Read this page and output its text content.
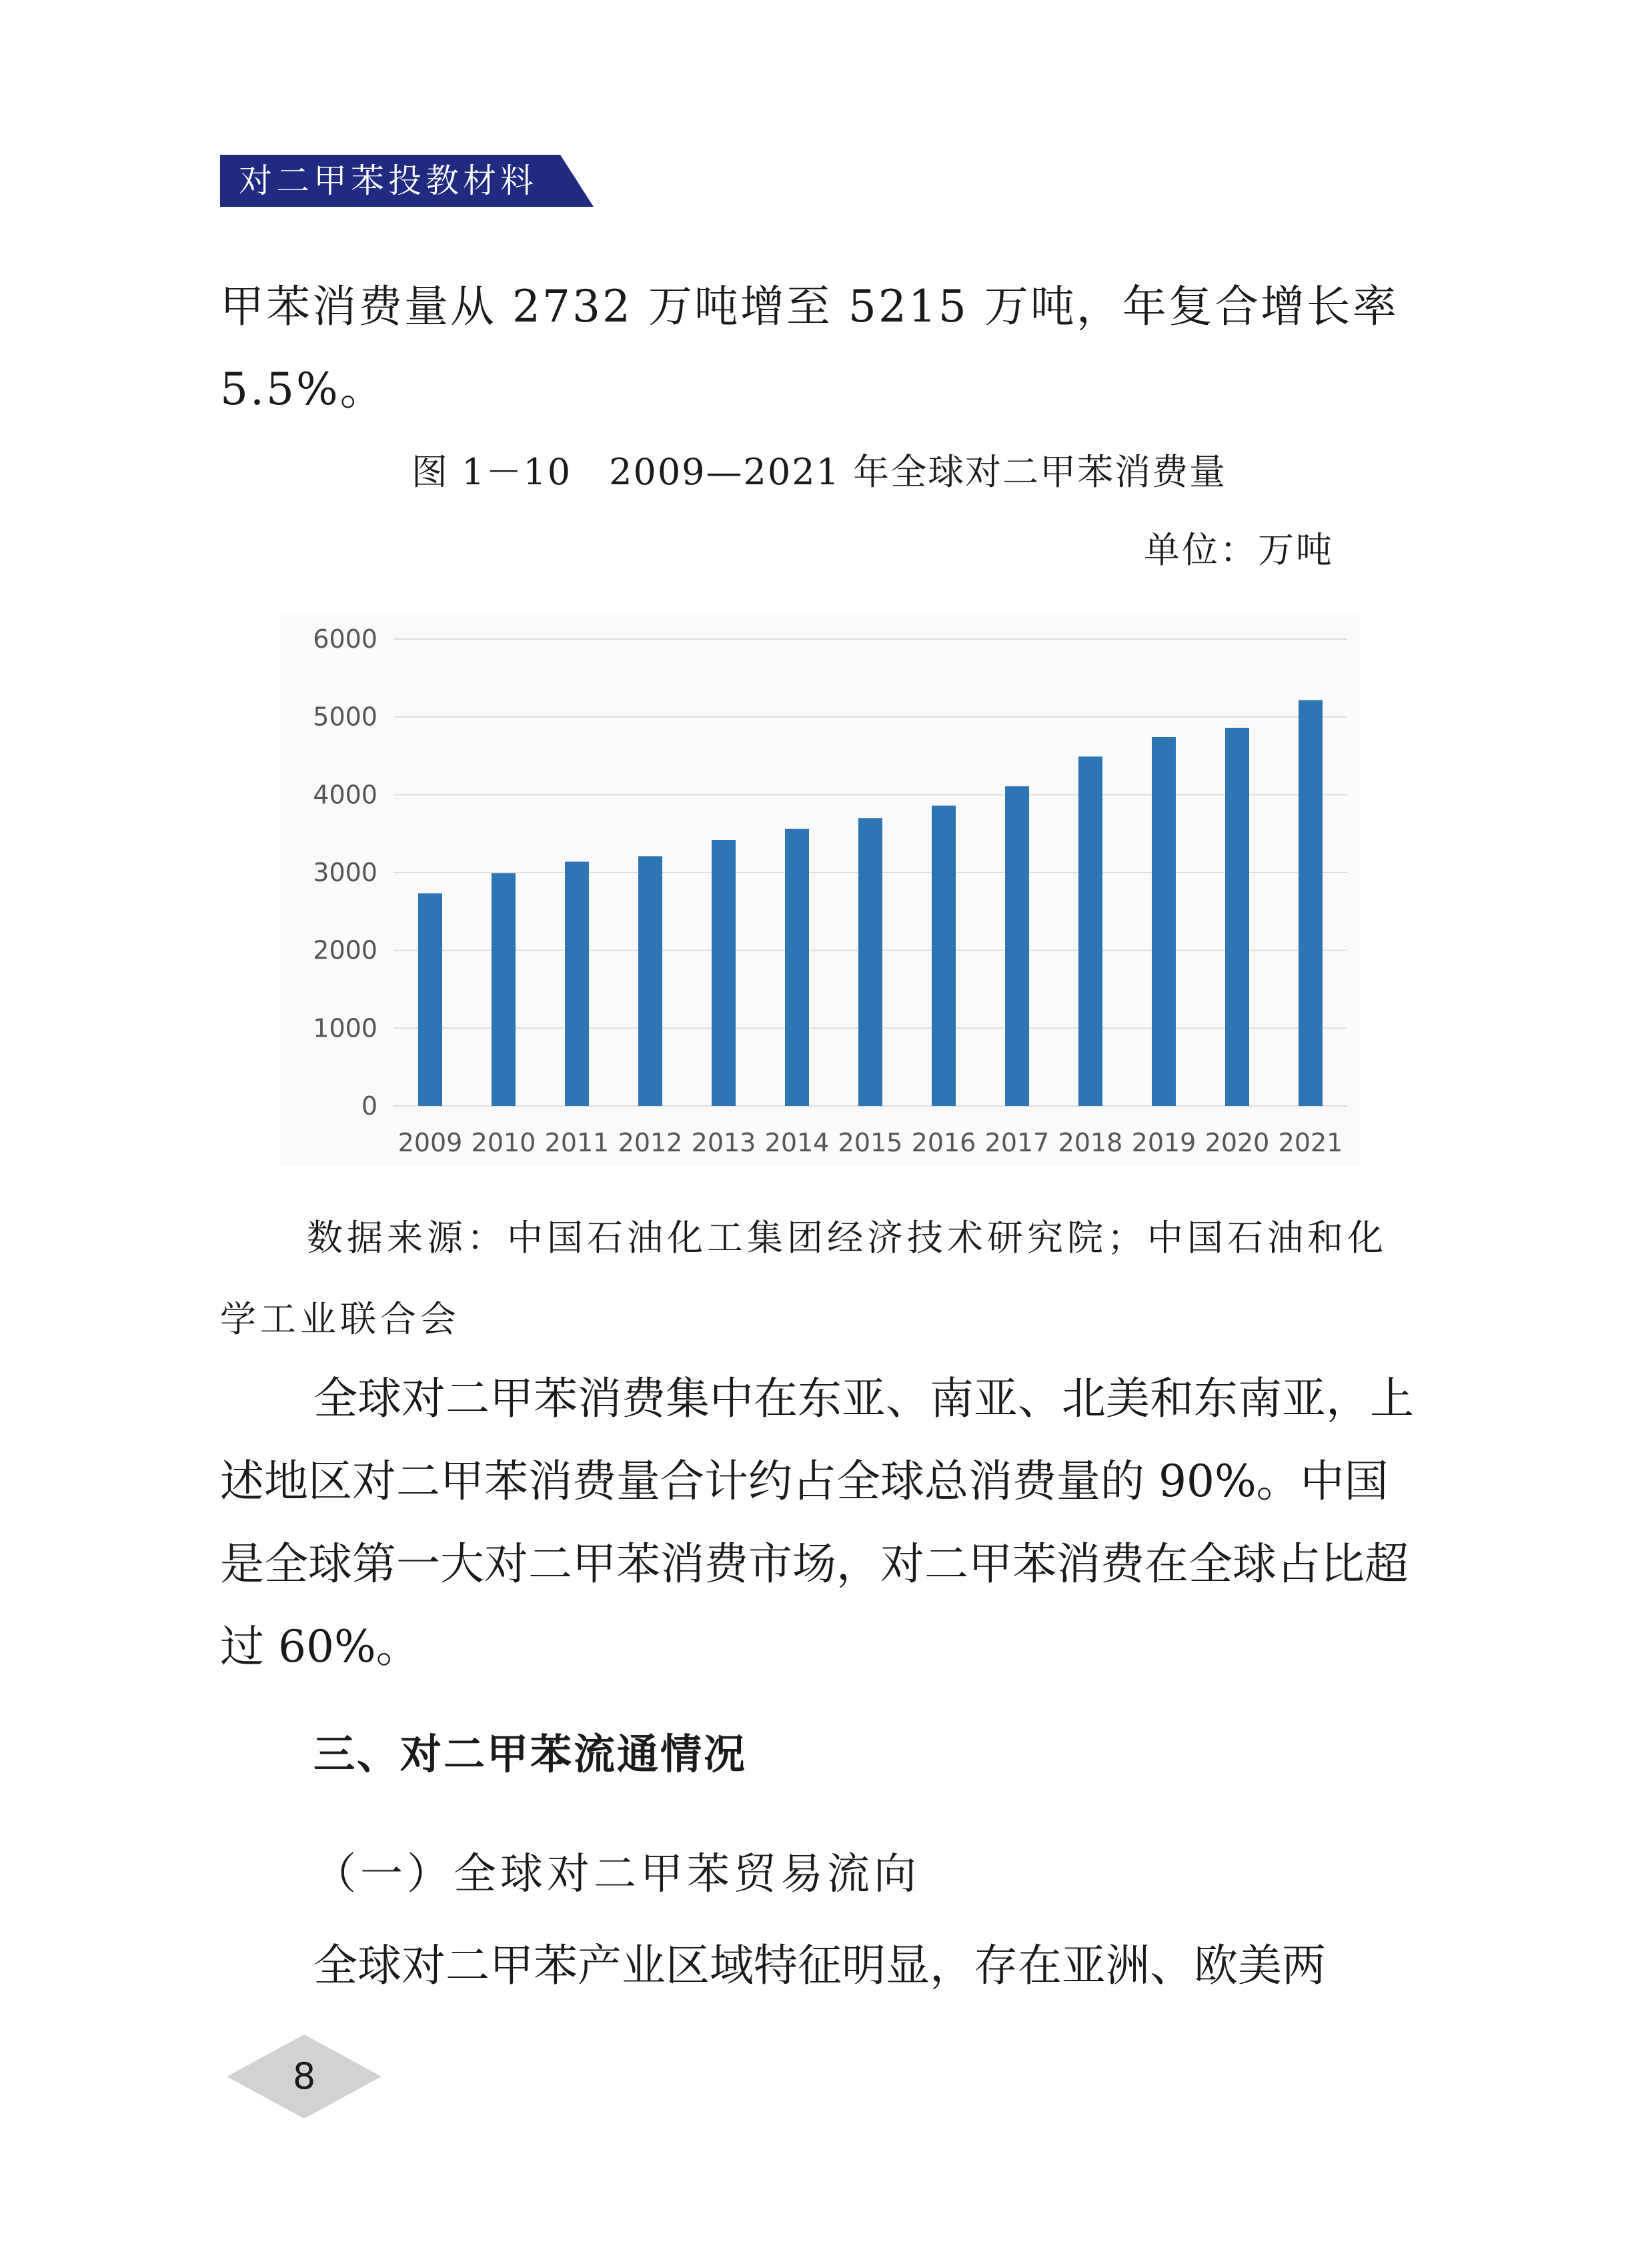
对二甲苯投教材料

甲苯消费量从 2732 万吨增至 5215 万吨，年复合增长率 5.5%。

图 1－10　2009—2021 年全球对二甲苯消费量
单位：万吨
0
1000
2000
3000
4000
5000
6000
2009 2010 2011 2012 2013 2014 2015 2016 2017 2018 2019 2020 2021
数据来源：中国石油化工集团经济技术研究院；中国石油和化学工业联合会

全球对二甲苯消费集中在东亚、南亚、北美和东南亚，上述地区对二甲苯消费量合计约占全球总消费量的 90%。中国是全球第一大对二甲苯消费市场，对二甲苯消费在全球占比超过 60%。

三、对二甲苯流通情况
（一）全球对二甲苯贸易流向

全球对二甲苯产业区域特征明显，存在亚洲、欧美两

8
